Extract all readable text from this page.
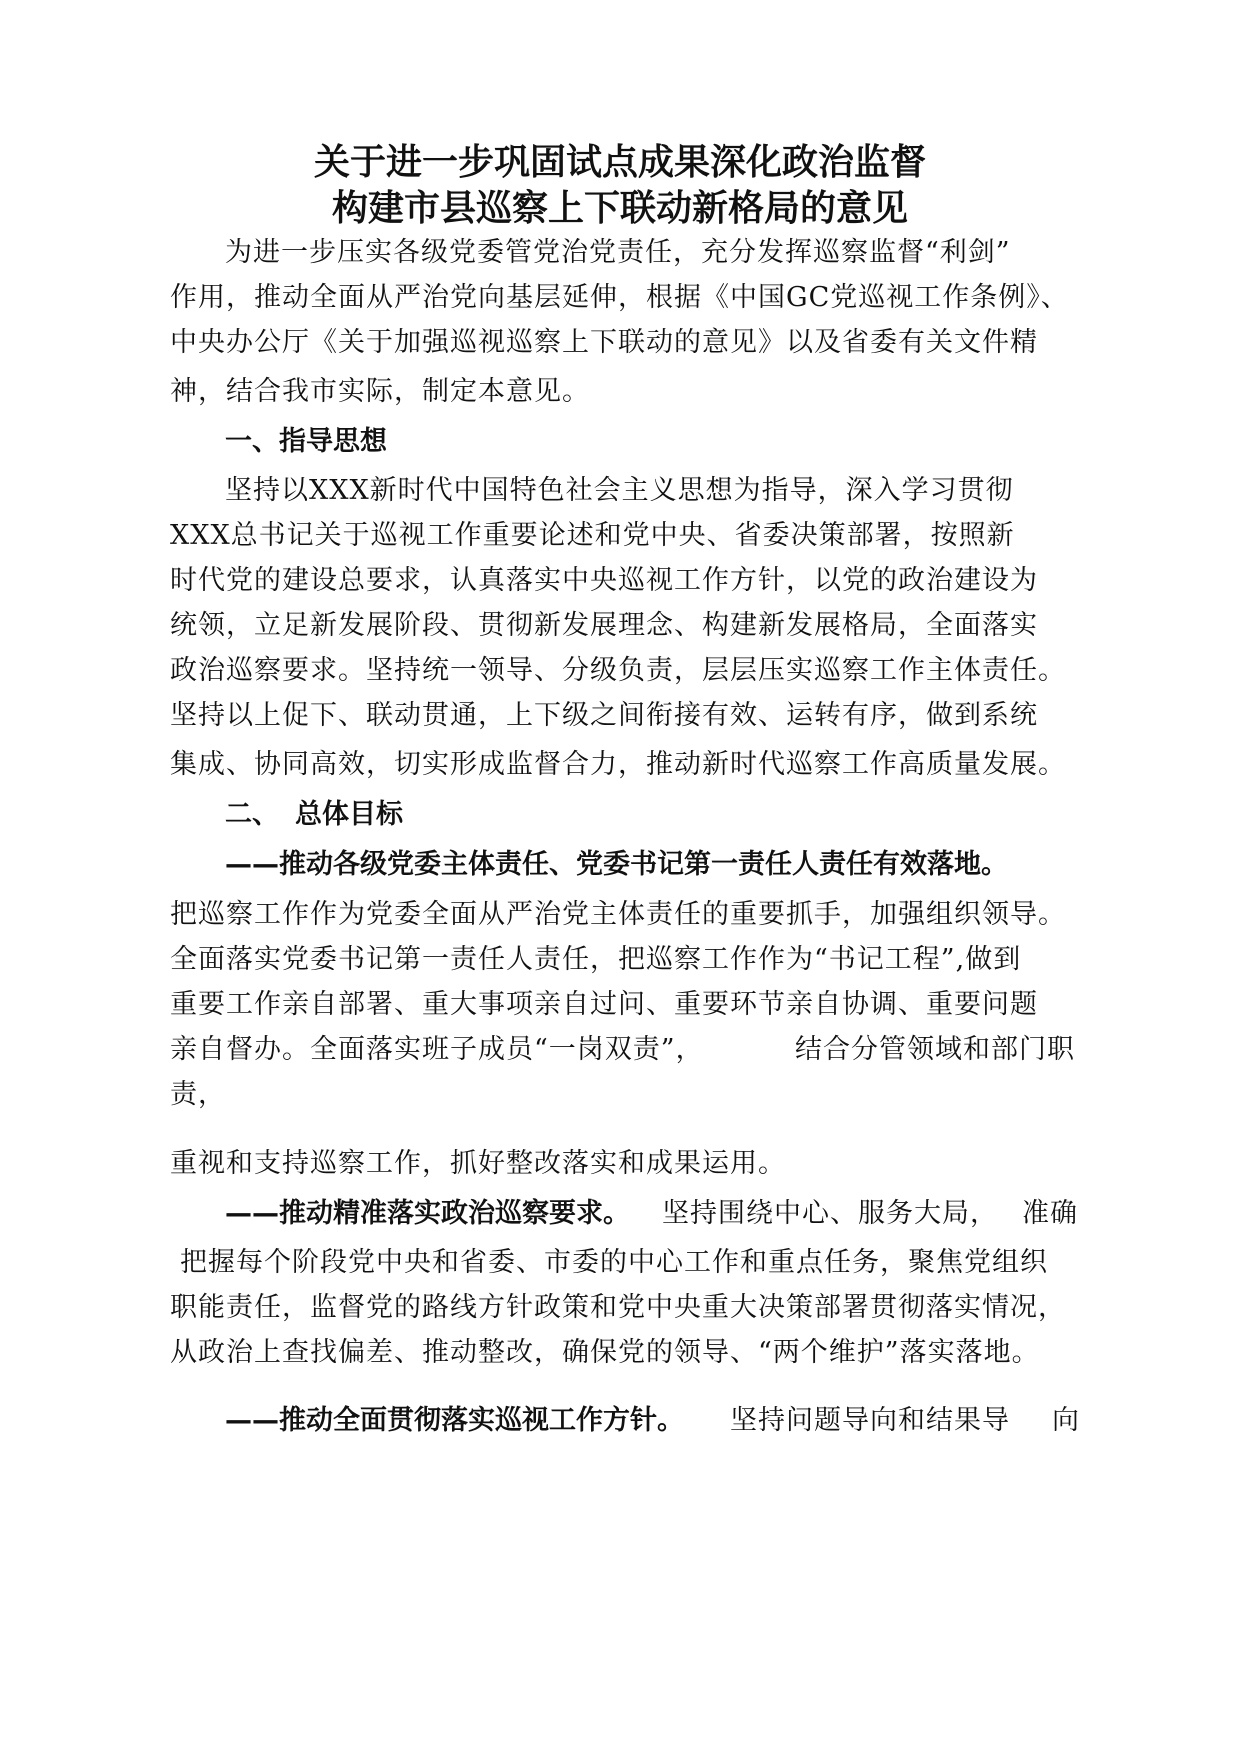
关于进一步巩固试点成果深化政治监督
构建市县巡察上下联动新格局的意见
为进一步压实各级党委管党治党责任，充分发挥巡察监督“利剑”
作用，推动全面从严治党向基层延伸，根据《中国GC党巡视工作条例》、
中央办公厅《关于加强巡视巡察上下联动的意见》以及省委有关文件精
神，结合我市实际，制定本意见。
一、指导思想
坚持以XXX新时代中国特色社会主义思想为指导，深入学习贯彻
XXX总书记关于巡视工作重要论述和党中央、省委决策部署，按照新
时代党的建设总要求，认真落实中央巡视工作方针，以党的政治建设为
统领，立足新发展阶段、贯彻新发展理念、构建新发展格局，全面落实
政治巡察要求。坚持统一领导、分级负责，层层压实巡察工作主体责任。
坚持以上促下、联动贯通，上下级之间衔接有效、运转有序，做到系统
集成、协同高效，切实形成监督合力，推动新时代巡察工作高质量发展。
二、 总体目标
——推动各级党委主体责任、党委书记第一责任人责任有效落地。
把巡察工作作为党委全面从严治党主体责任的重要抓手，加强组织领导。
全面落实党委书记第一责任人责任，把巡察工作作为“书记工程”,做到
重要工作亲自部署、重大事项亲自过问、重要环节亲自协调、重要问题
亲自督办。全面落实班子成员“一岗双责”，	结合分管领域和部门职
责，
重视和支持巡察工作，抓好整改落实和成果运用。
——推动精准落实政治巡察要求。 坚持围绕中心、服务大局， 准确
把握每个阶段党中央和省委、市委的中心工作和重点任务，聚焦党组织
职能责任，监督党的路线方针政策和党中央重大决策部署贯彻落实情况，
从政治上查找偏差、推动整改，确保党的领导、“两个维护”落实落地。
——推动全面贯彻落实巡视工作方针。 坚持问题导向和结果导 向
